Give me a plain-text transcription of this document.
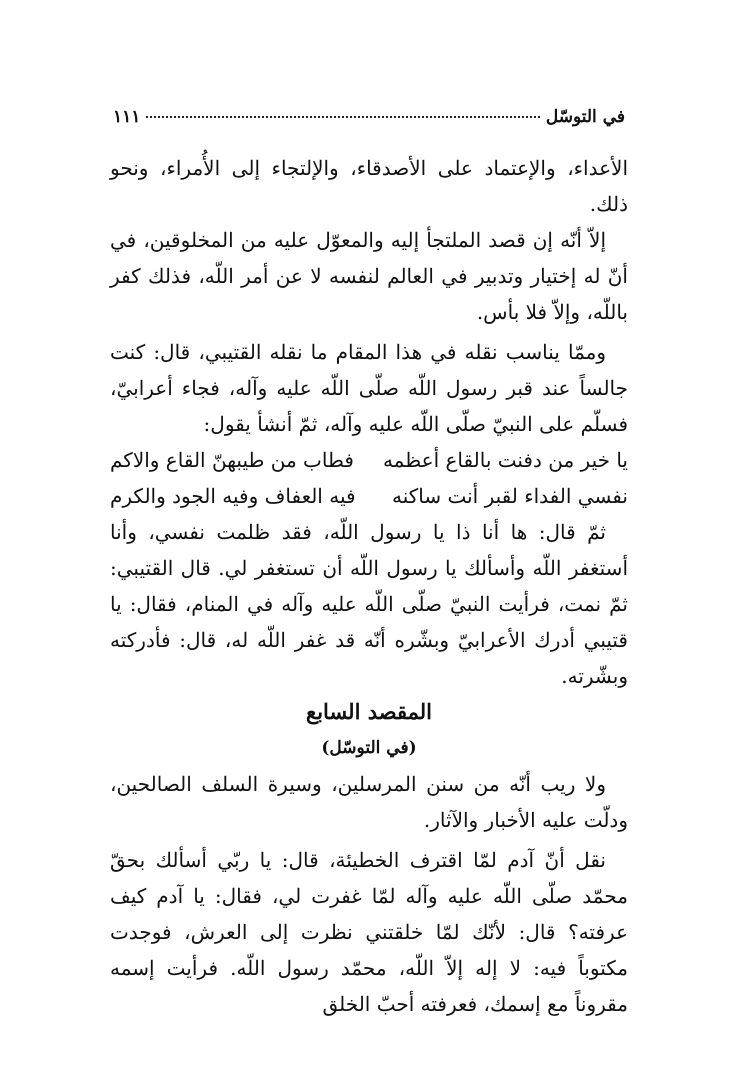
في التوسّل
١١١

الأعداء، والإعتماد على الأصدقاء، والإلتجاء إلى الأُمراء، ونحو ذلك.

إلاّ أنّه إن قصد الملتجأ إليه والمعوّل عليه من المخلوقين، في أنّ له إختيار وتدبير في العالم لنفسه لا عن أمر اللّه، فذلك كفر باللّه، وإلاّ فلا بأس.

وممّا يناسب نقله في هذا المقام ما نقله القتيبي، قال: كنت جالساً عند قبر رسول اللّه صلّى اللّه عليه وآله، فجاء أعرابيّ، فسلّم على النبيّ صلّى اللّه عليه وآله، ثمّ أنشأ يقول:

يا خير من دفنت بالقاع أعظمه
فطاب من طيبهنّ القاع والاكم
نفسي الفداء لقبر أنت ساكنه
فيه العفاف وفيه الجود والكرم

ثمّ قال: ها أنا ذا يا رسول اللّه، فقد ظلمت نفسي، وأنا أستغفر اللّه وأسألك يا رسول اللّه أن تستغفر لي. قال القتيبي: ثمّ نمت، فرأيت النبيّ صلّى اللّه عليه وآله في المنام، فقال: يا قتيبي أدرك الأعرابيّ وبشّره أنّه قد غفر اللّه له، قال: فأدركته وبشّرته.

المقصد السابع

(في التوسّل)

ولا ريب أنّه من سنن المرسلين، وسيرة السلف الصالحين، ودلّت عليه الأخبار والآثار.

نقل أنّ آدم لمّا اقترف الخطيئة، قال: يا ربّي أسألك بحقّ محمّد صلّى اللّه عليه وآله لمّا غفرت لي، فقال: يا آدم كيف عرفته؟ قال: لأنّك لمّا خلقتني نظرت إلى العرش، فوجدت مكتوباً فيه: لا إله إلاّ اللّه، محمّد رسول اللّه. فرأيت إسمه مقروناً مع إسمك، فعرفته أحبّ الخلق
